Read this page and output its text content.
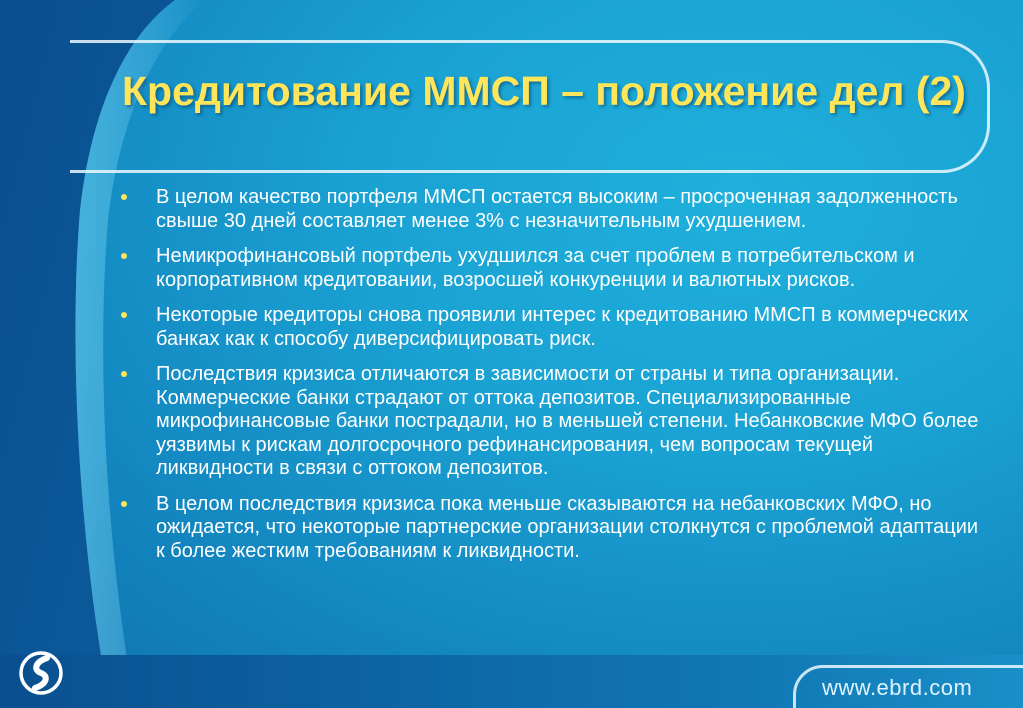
Кредитование ММСП – положение дел (2)
В целом качество портфеля ММСП остается высоким – просроченная задолженность свыше 30 дней составляет менее 3% с незначительным ухудшением.
Немикрофинансовый портфель ухудшился за счет проблем в потребительском и корпоративном кредитовании, возросшей конкуренции и валютных рисков.
Некоторые кредиторы снова проявили интерес к кредитованию ММСП в коммерческих банках как к способу диверсифицировать риск.
Последствия кризиса отличаются в зависимости от страны и типа организации. Коммерческие банки страдают от оттока депозитов. Специализированные микрофинансовые банки пострадали, но в меньшей степени. Небанковские МФО более уязвимы к рискам долгосрочного рефинансирования, чем вопросам текущей ликвидности в связи с оттоком депозитов.
В целом последствия кризиса пока меньше сказываются на небанковских МФО, но ожидается, что некоторые партнерские организации столкнутся с проблемой адаптации к более жестким требованиям к ликвидности.
www.ebrd.com
